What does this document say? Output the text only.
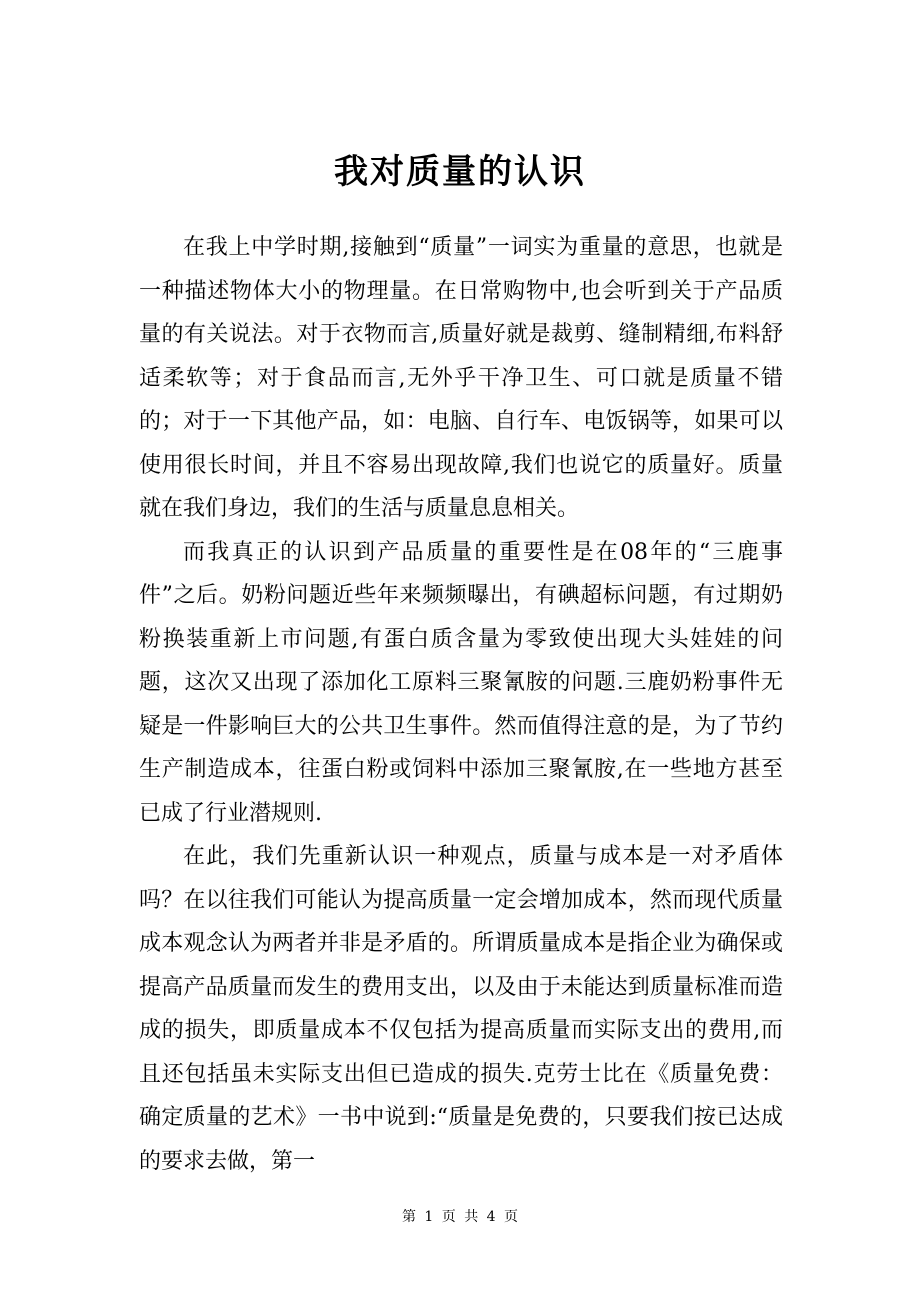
我对质量的认识

在我上中学时期,接触到“质量”一词实为重量的意思，也就是一种描述物体大小的物理量。在日常购物中,也会听到关于产品质量的有关说法。对于衣物而言,质量好就是裁剪、缝制精细,布料舒适柔软等；对于食品而言,无外乎干净卫生、可口就是质量不错的；对于一下其他产品，如：电脑、自行车、电饭锅等，如果可以使用很长时间，并且不容易出现故障,我们也说它的质量好。质量就在我们身边，我们的生活与质量息息相关。

而我真正的认识到产品质量的重要性是在08年的“三鹿事件”之后。奶粉问题近些年来频频曝出，有碘超标问题，有过期奶粉换装重新上市问题,有蛋白质含量为零致使出现大头娃娃的问题，这次又出现了添加化工原料三聚氰胺的问题.三鹿奶粉事件无疑是一件影响巨大的公共卫生事件。然而值得注意的是，为了节约生产制造成本，往蛋白粉或饲料中添加三聚氰胺,在一些地方甚至已成了行业潜规则.

在此，我们先重新认识一种观点，质量与成本是一对矛盾体吗？在以往我们可能认为提高质量一定会增加成本，然而现代质量成本观念认为两者并非是矛盾的。所谓质量成本是指企业为确保或提高产品质量而发生的费用支出，以及由于未能达到质量标准而造成的损失，即质量成本不仅包括为提高质量而实际支出的费用,而且还包括虽未实际支出但已造成的损失.克劳士比在《质量免费：确定质量的艺术》一书中说到:“质量是免费的，只要我们按已达成的要求去做，第一

第 1 页 共 4 页
